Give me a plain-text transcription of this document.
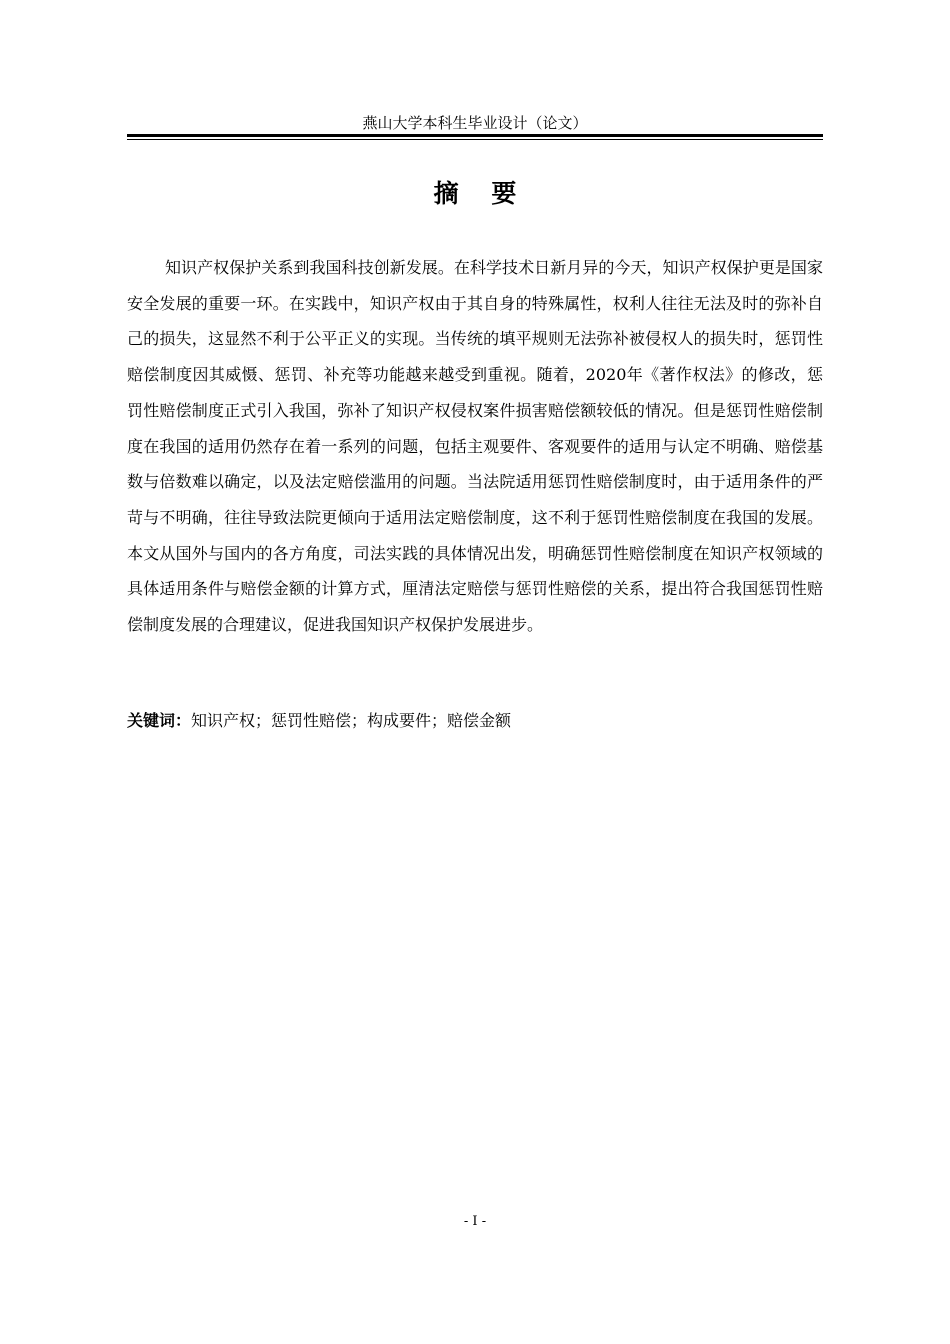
燕山大学本科生毕业设计（论文）
摘 要

知识产权保护关系到我国科技创新发展。在科学技术日新月异的今天，知识产权保护更是国家安全发展的重要一环。在实践中，知识产权由于其自身的特殊属性，权利人往往无法及时的弥补自己的损失，这显然不利于公平正义的实现。当传统的填平规则无法弥补被侵权人的损失时，惩罚性赔偿制度因其威慑、惩罚、补充等功能越来越受到重视。随着，2020年《著作权法》的修改，惩罚性赔偿制度正式引入我国，弥补了知识产权侵权案件损害赔偿额较低的情况。但是惩罚性赔偿制度在我国的适用仍然存在着一系列的问题，包括主观要件、客观要件的适用与认定不明确、赔偿基数与倍数难以确定，以及法定赔偿滥用的问题。当法院适用惩罚性赔偿制度时，由于适用条件的严苛与不明确，往往导致法院更倾向于适用法定赔偿制度，这不利于惩罚性赔偿制度在我国的发展。本文从国外与国内的各方角度，司法实践的具体情况出发，明确惩罚性赔偿制度在知识产权领域的具体适用条件与赔偿金额的计算方式，厘清法定赔偿与惩罚性赔偿的关系，提出符合我国惩罚性赔偿制度发展的合理建议，促进我国知识产权保护发展进步。

关键词：知识产权；惩罚性赔偿；构成要件；赔偿金额
- I -
